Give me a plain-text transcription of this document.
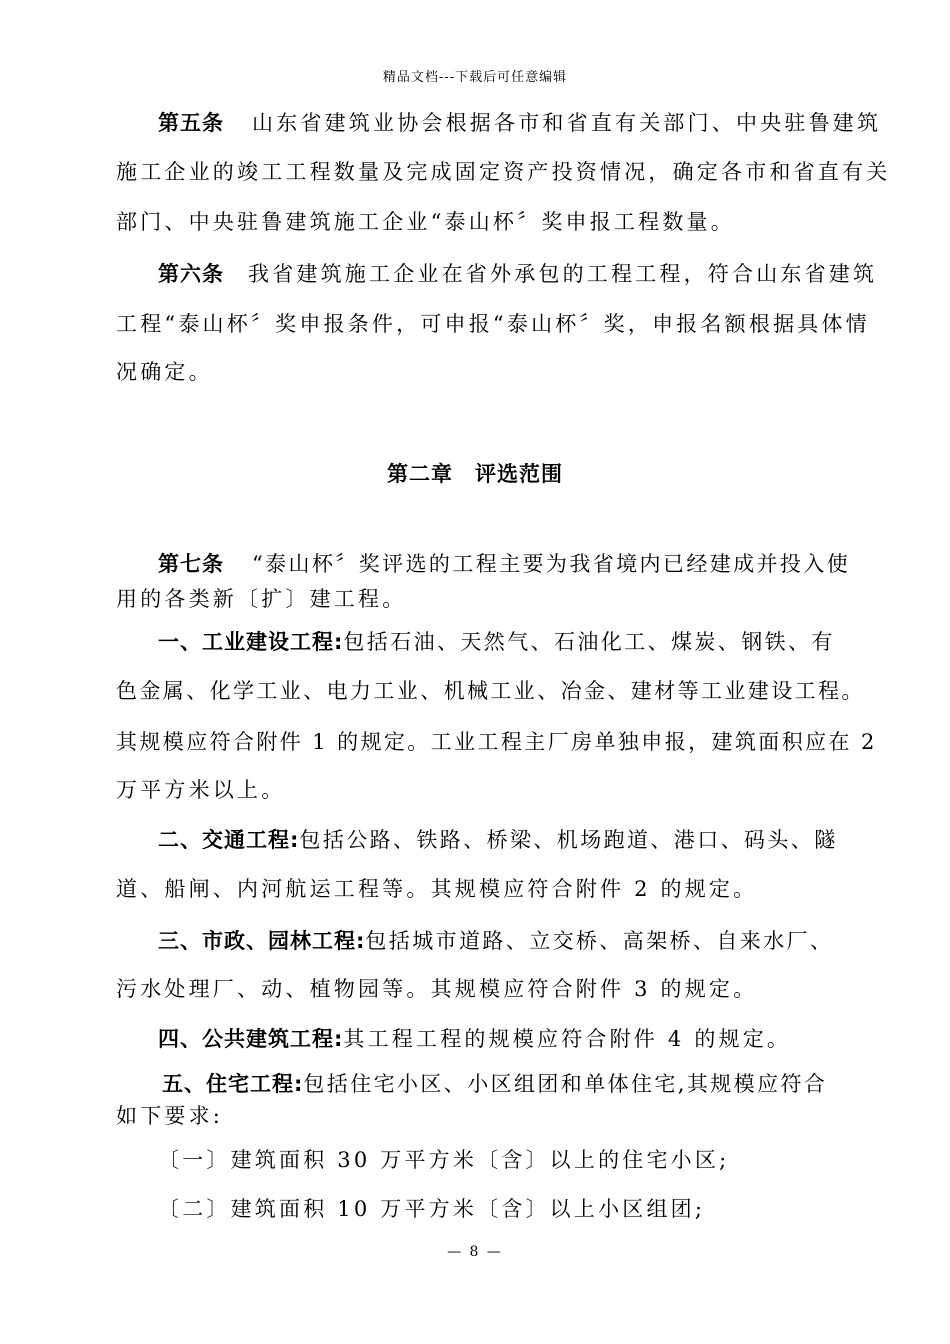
精品文档---下载后可任意编辑
第五条 山东省建筑业协会根据各市和省直有关部门、中央驻鲁建筑
施工企业的竣工工程数量及完成固定资产投资情况，确定各市和省直有关
部门、中央驻鲁建筑施工企业“泰山杯〞奖申报工程数量。
第六条 我省建筑施工企业在省外承包的工程工程，符合山东省建筑
工程“泰山杯〞奖申报条件，可申报“泰山杯〞奖，申报名额根据具体情
况确定。
第二章　评选范围
第七条 “泰山杯〞奖评选的工程主要为我省境内已经建成并投入使
用的各类新〔扩〕建工程。
一、工业建设工程:包括石油、天然气、石油化工、煤炭、钢铁、有
色金属、化学工业、电力工业、机械工业、冶金、建材等工业建设工程。
其规模应符合附件 1 的规定。工业工程主厂房单独申报，建筑面积应在 2
万平方米以上。
二、交通工程:包括公路、铁路、桥梁、机场跑道、港口、码头、隧
道、船闸、内河航运工程等。其规模应符合附件 2 的规定。
三、市政、园林工程:包括城市道路、立交桥、高架桥、自来水厂、
污水处理厂、动、植物园等。其规模应符合附件 3 的规定。
四、公共建筑工程:其工程工程的规模应符合附件 4 的规定。
五、住宅工程:包括住宅小区、小区组团和单体住宅,其规模应符合
如下要求:
〔一〕建筑面积 30 万平方米〔含〕以上的住宅小区;
〔二〕建筑面积 10 万平方米〔含〕以上小区组团;
— 8 —
